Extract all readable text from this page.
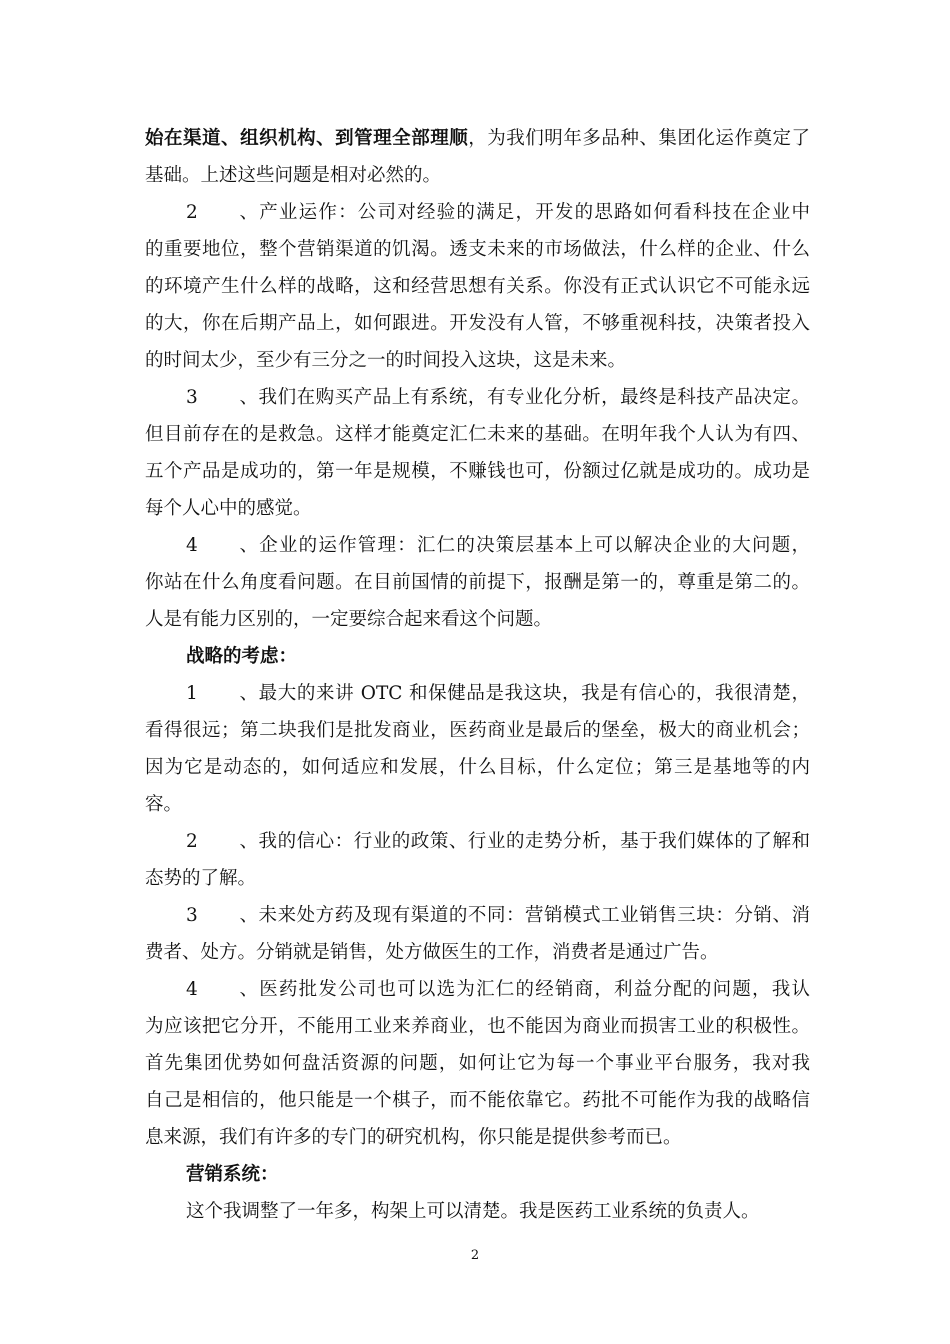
始在渠道、组织机构、到管理全部理顺，为我们明年多品种、集团化运作奠定了
基础。上述这些问题是相对必然的。
2、产业运作：公司对经验的满足，开发的思路如何看科技在企业中
的重要地位，整个营销渠道的饥渴。透支未来的市场做法，什么样的企业、什么
的环境产生什么样的战略，这和经营思想有关系。你没有正式认识它不可能永远
的大，你在后期产品上，如何跟进。开发没有人管，不够重视科技，决策者投入
的时间太少，至少有三分之一的时间投入这块，这是未来。
3、我们在购买产品上有系统，有专业化分析，最终是科技产品决定。
但目前存在的是救急。这样才能奠定汇仁未来的基础。在明年我个人认为有四、
五个产品是成功的，第一年是规模，不赚钱也可，份额过亿就是成功的。成功是
每个人心中的感觉。
4、企业的运作管理：汇仁的决策层基本上可以解决企业的大问题，
你站在什么角度看问题。在目前国情的前提下，报酬是第一的，尊重是第二的。
人是有能力区别的，一定要综合起来看这个问题。
战略的考虑：
1、最大的来讲 OTC 和保健品是我这块，我是有信心的，我很清楚，
看得很远；第二块我们是批发商业，医药商业是最后的堡垒，极大的商业机会；
因为它是动态的，如何适应和发展，什么目标，什么定位；第三是基地等的内
容。
2、我的信心：行业的政策、行业的走势分析，基于我们媒体的了解和
态势的了解。
3、未来处方药及现有渠道的不同：营销模式工业销售三块：分销、消
费者、处方。分销就是销售，处方做医生的工作，消费者是通过广告。
4、医药批发公司也可以选为汇仁的经销商，利益分配的问题，我认
为应该把它分开，不能用工业来养商业，也不能因为商业而损害工业的积极性。
首先集团优势如何盘活资源的问题，如何让它为每一个事业平台服务，我对我
自己是相信的，他只能是一个棋子，而不能依靠它。药批不可能作为我的战略信
息来源，我们有许多的专门的研究机构，你只能是提供参考而已。
营销系统：
这个我调整了一年多，构架上可以清楚。我是医药工业系统的负责人。
2
